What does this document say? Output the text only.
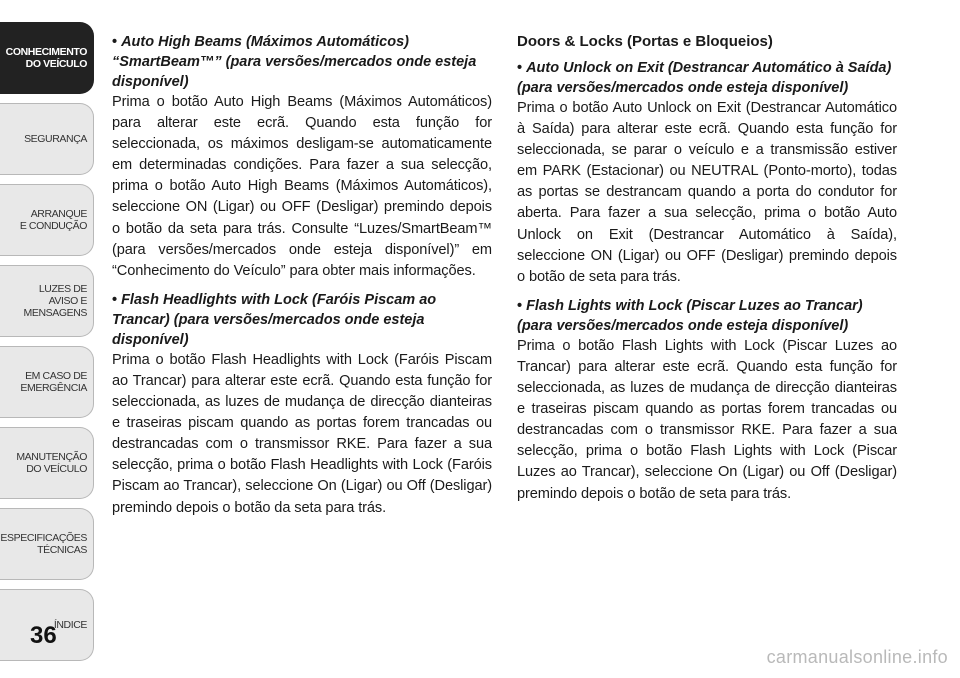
CONHECIMENTO
DO VEÍCULO
SEGURANÇA
ARRANQUE
E CONDUÇÃO
LUZES DE
AVISO E
MENSAGENS
EM CASO DE
EMERGÊNCIA
MANUTENÇÃO
DO VEÍCULO
ESPECIFICAÇÕES
TÉCNICAS
ÍNDICE
36

• Auto High Beams (Máximos Automáticos) “SmartBeam™” (para versões/mercados onde esteja disponível)

Prima o botão Auto High Beams (Máximos Automáticos) para alterar este ecrã. Quando esta função for seleccionada, os máximos desligam-se automaticamente em determinadas condições. Para fazer a sua selecção, prima o botão Auto High Beams (Máximos Automáticos), seleccione ON (Ligar) ou OFF (Desligar) premindo depois o botão da seta para trás. Consulte “Luzes/SmartBeam™ (para versões/mercados onde esteja disponível)” em “Conhecimento do Veículo” para obter mais informações.

• Flash Headlights with Lock (Faróis Piscam ao Trancar) (para versões/mercados onde esteja disponível)

Prima o botão Flash Headlights with Lock (Faróis Piscam ao Trancar) para alterar este ecrã. Quando esta função for seleccionada, as luzes de mudança de direcção dianteiras e traseiras piscam quando as portas forem trancadas ou destrancadas com o transmissor RKE. Para fazer a sua selecção, prima o botão Flash Headlights with Lock (Faróis Piscam ao Trancar), seleccione On (Ligar) ou Off (Desligar) premindo depois o botão da seta para trás.

Doors & Locks (Portas e Bloqueios)

• Auto Unlock on Exit (Destrancar Automático à Saída) (para versões/mercados onde esteja disponível)

Prima o botão Auto Unlock on Exit (Destrancar Automático à Saída) para alterar este ecrã. Quando esta função for seleccionada, se parar o veículo e a transmissão estiver em PARK (Estacionar) ou NEUTRAL (Ponto-morto), todas as portas se destrancam quando a porta do condutor for aberta. Para fazer a sua selecção, prima o botão Auto Unlock on Exit (Destrancar Automático à Saída), seleccione ON (Ligar) ou OFF (Desligar) premindo depois o botão de seta para trás.

• Flash Lights with Lock (Piscar Luzes ao Trancar) (para versões/mercados onde esteja disponível)

Prima o botão Flash Lights with Lock (Piscar Luzes ao Trancar) para alterar este ecrã. Quando esta função for seleccionada, as luzes de mudança de direcção dianteiras e traseiras piscam quando as portas forem trancadas ou destrancadas com o transmissor RKE. Para fazer a sua selecção, prima o botão Flash Lights with Lock (Piscar Luzes ao Trancar), seleccione On (Ligar) ou Off (Desligar) premindo depois o botão de seta para trás.

carmanualsonline.info
